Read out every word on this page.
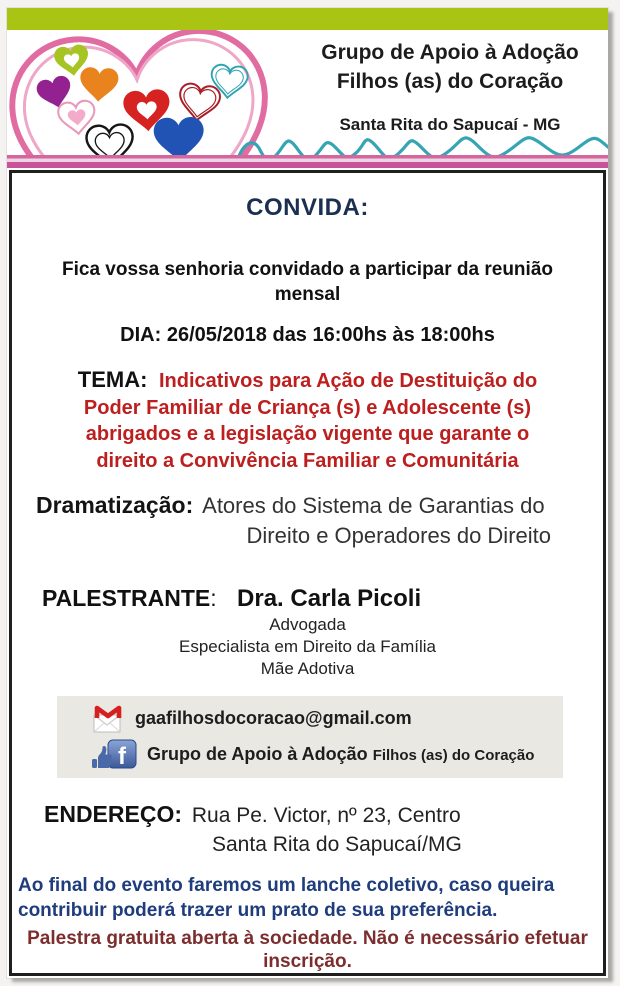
Grupo de Apoio à Adoção
Filhos (as) do Coração
Santa Rita do Sapucaí - MG
CONVIDA:

Fica vossa senhoria convidado a participar da reunião
mensal

DIA: 26/05/2018 das 16:00hs às 18:00hs

TEMA: Indicativos para Ação de Destituição do
Poder Familiar de Criança (s) e Adolescente (s)
abrigados e a legislação vigente que garante o
direito a Convivência Familiar e Comunitária

Dramatização: Atores do Sistema de Garantias do
Direito e Operadores do Direito
PALESTRANTE: Dra. Carla Picoli
Advogada
Especialista em Direito da Família
Mãe Adotiva
gaafilhosdocoracao@gmail.com
f Grupo de Apoio à Adoção Filhos (as) do Coração
ENDEREÇO: Rua Pe. Victor, nº 23, Centro
Santa Rita do Sapucaí/MG
Ao final do evento faremos um lanche coletivo, caso queira
contribuir poderá trazer um prato de sua preferência.
Palestra gratuita aberta à sociedade. Não é necessário efetuar
inscrição.
